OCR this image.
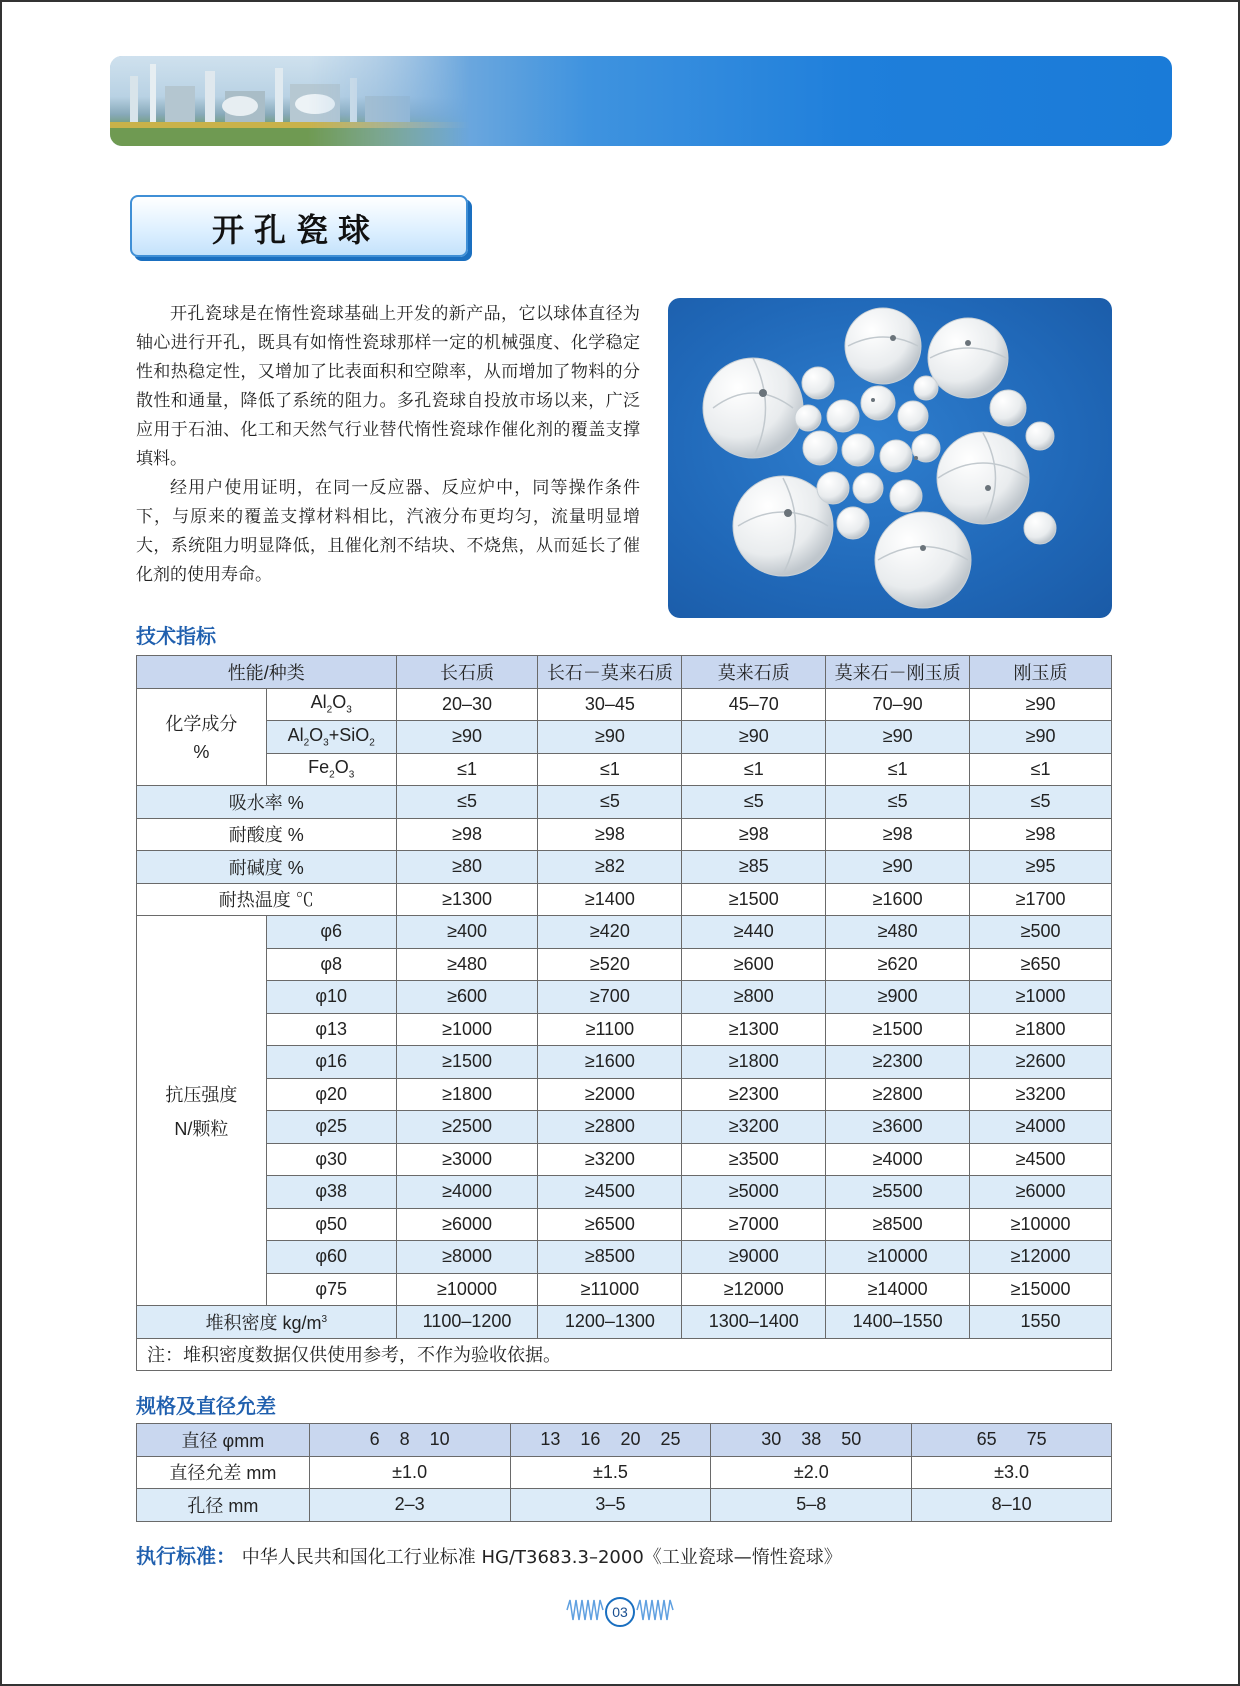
开孔瓷球

开孔瓷球是在惰性瓷球基础上开发的新产品，它以球体直径为轴心进行开孔，既具有如惰性瓷球那样一定的机械强度、化学稳定性和热稳定性，又增加了比表面积和空隙率，从而增加了物料的分散性和通量，降低了系统的阻力。多孔瓷球自投放市场以来，广泛应用于石油、化工和天然气行业替代惰性瓷球作催化剂的覆盖支撑填料。

经用户使用证明，在同一反应器、反应炉中，同等操作条件下，与原来的覆盖支撑材料相比，汽液分布更均匀，流量明显增大，系统阻力明显降低，且催化剂不结块、不烧焦，从而延长了催化剂的使用寿命。

技术指标
性能/种类		长石质	长石－莫来石质	莫来石质	莫来石－刚玉质	刚玉质

化学成分
%	$Al_2O_3$	20–30	30–45	45–70	70–90	≥90
	$Al_2O_3+SiO_2$	≥90	≥90	≥90	≥90	≥90
	$Fe_2O_3$	≤1	≤1	≤1	≤1	≤1
吸水率 %		≤5	≤5	≤5	≤5	≤5
耐酸度 %		≥98	≥98	≥98	≥98	≥98
耐碱度 %		≥80	≥82	≥85	≥90	≥95
耐热温度 ℃		≥1300	≥1400	≥1500	≥1600	≥1700

抗压强度
N/颗粒	φ6	≥400	≥420	≥440	≥480	≥500
	φ8	≥480	≥520	≥600	≥620	≥650
	φ10	≥600	≥700	≥800	≥900	≥1000
	φ13	≥1000	≥1100	≥1300	≥1500	≥1800
	φ16	≥1500	≥1600	≥1800	≥2300	≥2600
	φ20	≥1800	≥2000	≥2300	≥2800	≥3200
	φ25	≥2500	≥2800	≥3200	≥3600	≥4000
	φ30	≥3000	≥3200	≥3500	≥4000	≥4500
	φ38	≥4000	≥4500	≥5000	≥5500	≥6000
	φ50	≥6000	≥6500	≥7000	≥8500	≥10000
	φ60	≥8000	≥8500	≥9000	≥10000	≥12000
	φ75	≥10000	≥11000	≥12000	≥14000	≥15000
堆积密度 $kg/m^3$		1100–1200	1200–1300	1300–1400	1400–1550	1550
注：堆积密度数据仅供使用参考，不作为验收依据。						
规格及直径允差
直径 φmm	6    8    10	13    16    20    25	30    38    50	65      75
直径允差 mm	±1.0	±1.5	±2.0	±3.0
孔径 mm	2–3	3–5	5–8	8–10
执行标准： 中华人民共和国化工行业标准 HG/T3683.3–2000《工业瓷球—惰性瓷球》
03
